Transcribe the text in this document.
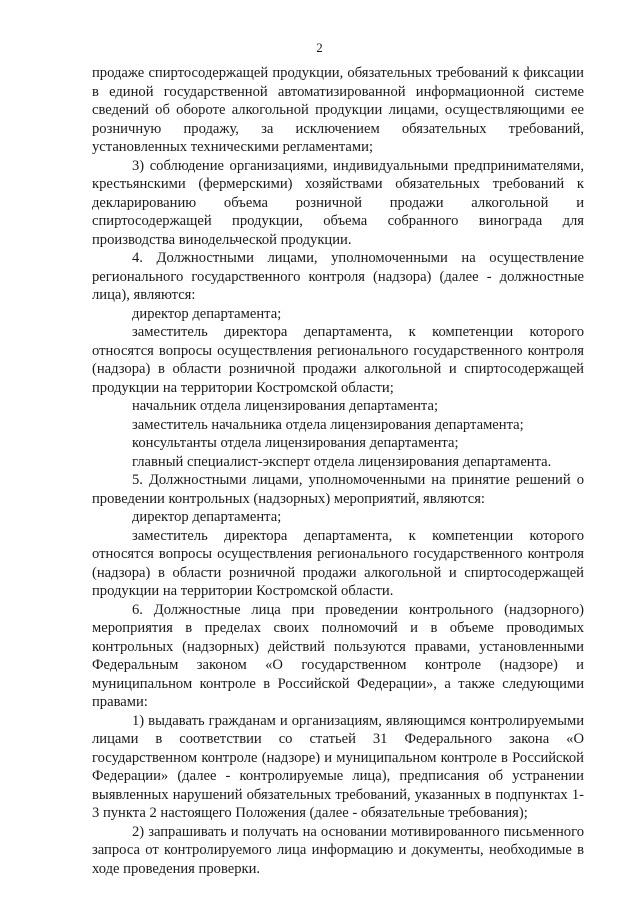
2

продаже спиртосодержащей продукции, обязательных требований к фиксации в единой государственной автоматизированной информационной системе сведений об обороте алкогольной продукции лицами, осуществляющими ее розничную продажу, за исключением обязательных требований, установленных техническими регламентами;

3) соблюдение организациями, индивидуальными предпринимателями, крестьянскими (фермерскими) хозяйствами обязательных требований к декларированию объема розничной продажи алкогольной и спиртосодержащей продукции, объема собранного винограда для производства винодельческой продукции.

4. Должностными лицами, уполномоченными на осуществление регионального государственного контроля (надзора) (далее - должностные лица), являются:

директор департамента;

заместитель директора департамента, к компетенции которого относятся вопросы осуществления регионального государственного контроля (надзора) в области розничной продажи алкогольной и спиртосодержащей продукции на территории Костромской области;

начальник отдела лицензирования департамента;

заместитель начальника отдела лицензирования департамента;

консультанты отдела лицензирования департамента;

главный специалист-эксперт отдела лицензирования департамента.

5. Должностными лицами, уполномоченными на принятие решений о проведении контрольных (надзорных) мероприятий, являются:

директор департамента;

заместитель директора департамента, к компетенции которого относятся вопросы осуществления регионального государственного контроля (надзора) в области розничной продажи алкогольной и спиртосодержащей продукции на территории Костромской области.

6. Должностные лица при проведении контрольного (надзорного) мероприятия в пределах своих полномочий и в объеме проводимых контрольных (надзорных) действий пользуются правами, установленными Федеральным законом «О государственном контроле (надзоре) и муниципальном контроле в Российской Федерации», а также следующими правами:

1) выдавать гражданам и организациям, являющимся контролируемыми лицами в соответствии со статьей 31 Федерального закона «О государственном контроле (надзоре) и муниципальном контроле в Российской Федерации» (далее - контролируемые лица), предписания об устранении выявленных нарушений обязательных требований, указанных в подпунктах 1-3 пункта 2 настоящего Положения (далее - обязательные требования);

2) запрашивать и получать на основании мотивированного письменного запроса от контролируемого лица информацию и документы, необходимые в ходе проведения проверки.
